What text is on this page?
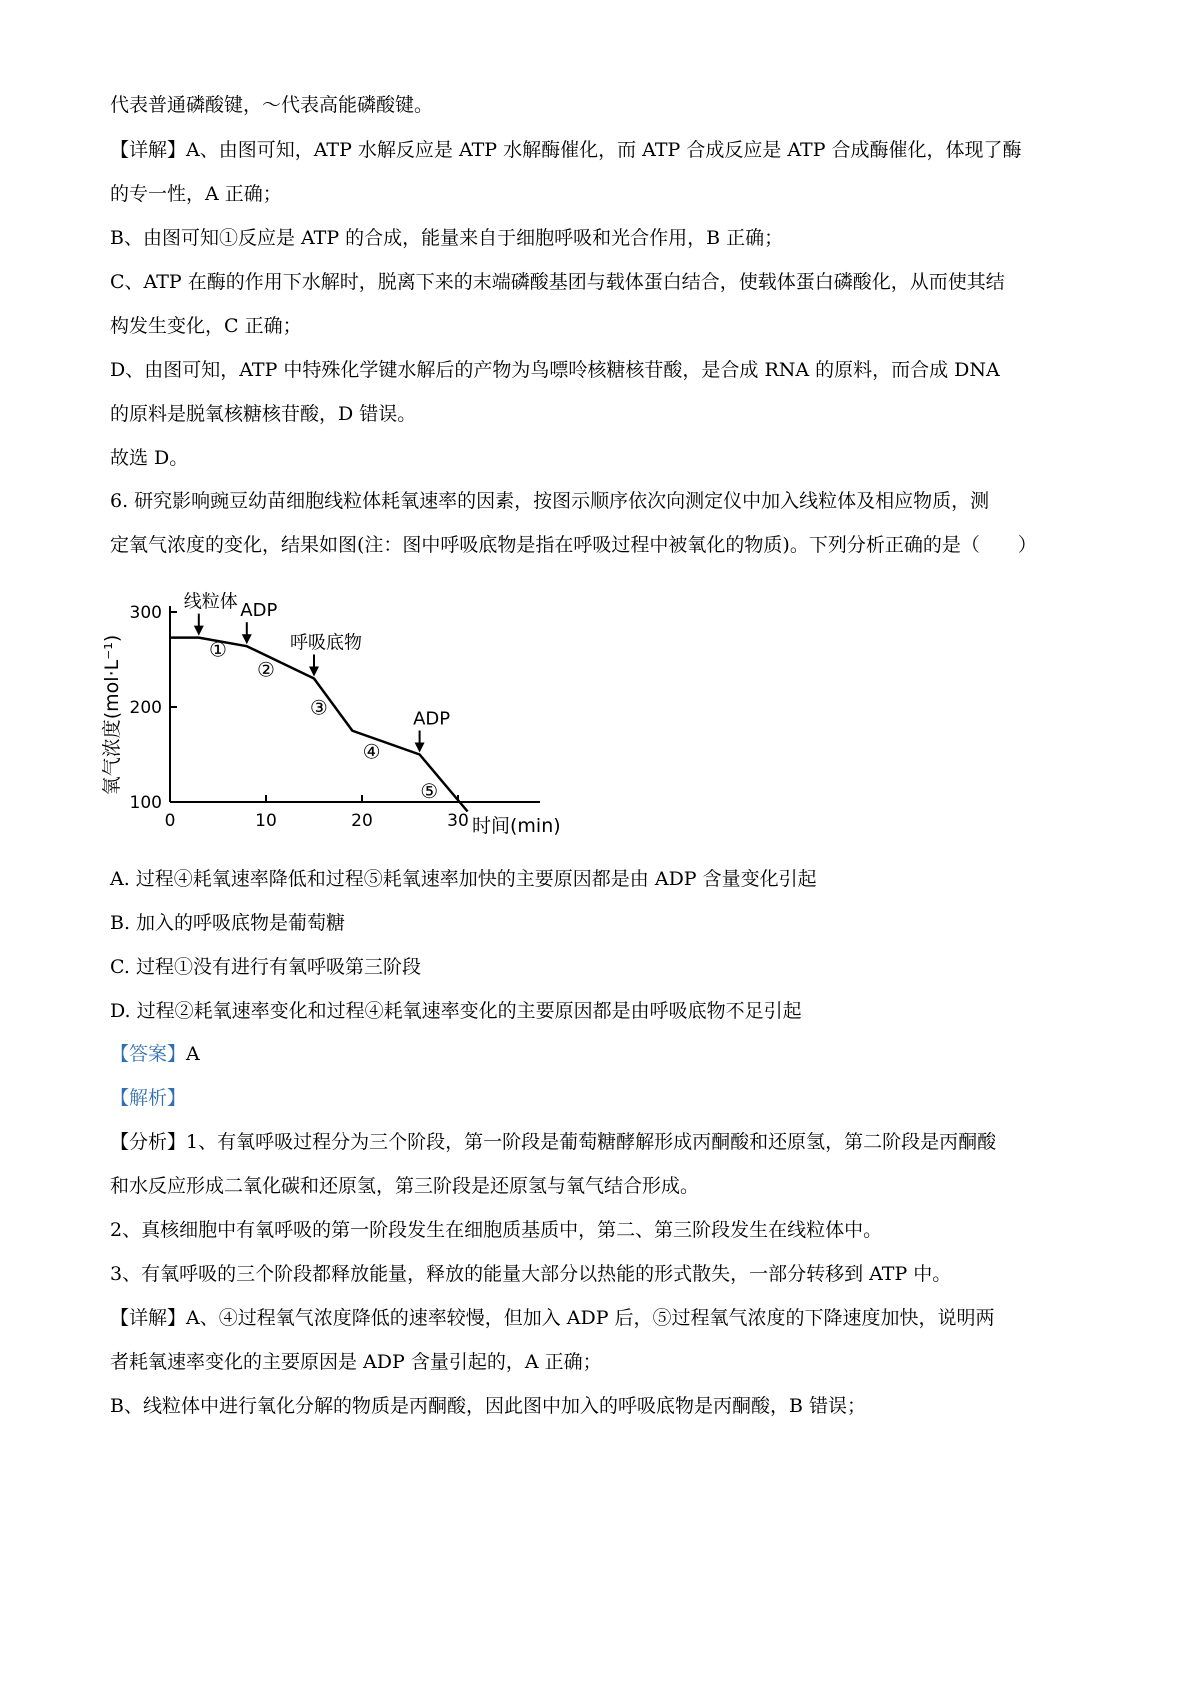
代表普通磷酸键，～代表高能磷酸键。
【详解】A、由图可知，ATP 水解反应是 ATP 水解酶催化，而 ATP 合成反应是 ATP 合成酶催化，体现了酶
的专一性，A 正确；
B、由图可知①反应是 ATP 的合成，能量来自于细胞呼吸和光合作用，B 正确；
C、ATP 在酶的作用下水解时，脱离下来的末端磷酸基团与载体蛋白结合，使载体蛋白磷酸化，从而使其结
构发生变化，C 正确；
D、由图可知，ATP 中特殊化学键水解后的产物为鸟嘌呤核糖核苷酸，是合成 RNA 的原料，而合成 DNA
的原料是脱氧核糖核苷酸，D 错误。
故选 D。
6. 研究影响豌豆幼苗细胞线粒体耗氧速率的因素，按图示顺序依次向测定仪中加入线粒体及相应物质，测
定氧气浓度的变化，结果如图(注：图中呼吸底物是指在呼吸过程中被氧化的物质)。下列分析正确的是（　　）
100
200
300
0	10	20	30 时间(min)
氧气浓度(mol·L⁻¹)
线粒体 ADP
呼吸底物
ADP
①
②
③
④
⑤
A. 过程④耗氧速率降低和过程⑤耗氧速率加快的主要原因都是由 ADP 含量变化引起
B. 加入的呼吸底物是葡萄糖
C. 过程①没有进行有氧呼吸第三阶段
D. 过程②耗氧速率变化和过程④耗氧速率变化的主要原因都是由呼吸底物不足引起
【答案】A
【解析】
【分析】1、有氧呼吸过程分为三个阶段，第一阶段是葡萄糖酵解形成丙酮酸和还原氢，第二阶段是丙酮酸
和水反应形成二氧化碳和还原氢，第三阶段是还原氢与氧气结合形成。
2、真核细胞中有氧呼吸的第一阶段发生在细胞质基质中，第二、第三阶段发生在线粒体中。
3、有氧呼吸的三个阶段都释放能量，释放的能量大部分以热能的形式散失，一部分转移到 ATP 中。
【详解】A、④过程氧气浓度降低的速率较慢，但加入 ADP 后，⑤过程氧气浓度的下降速度加快，说明两
者耗氧速率变化的主要原因是 ADP 含量引起的，A 正确；
B、线粒体中进行氧化分解的物质是丙酮酸，因此图中加入的呼吸底物是丙酮酸，B 错误；
